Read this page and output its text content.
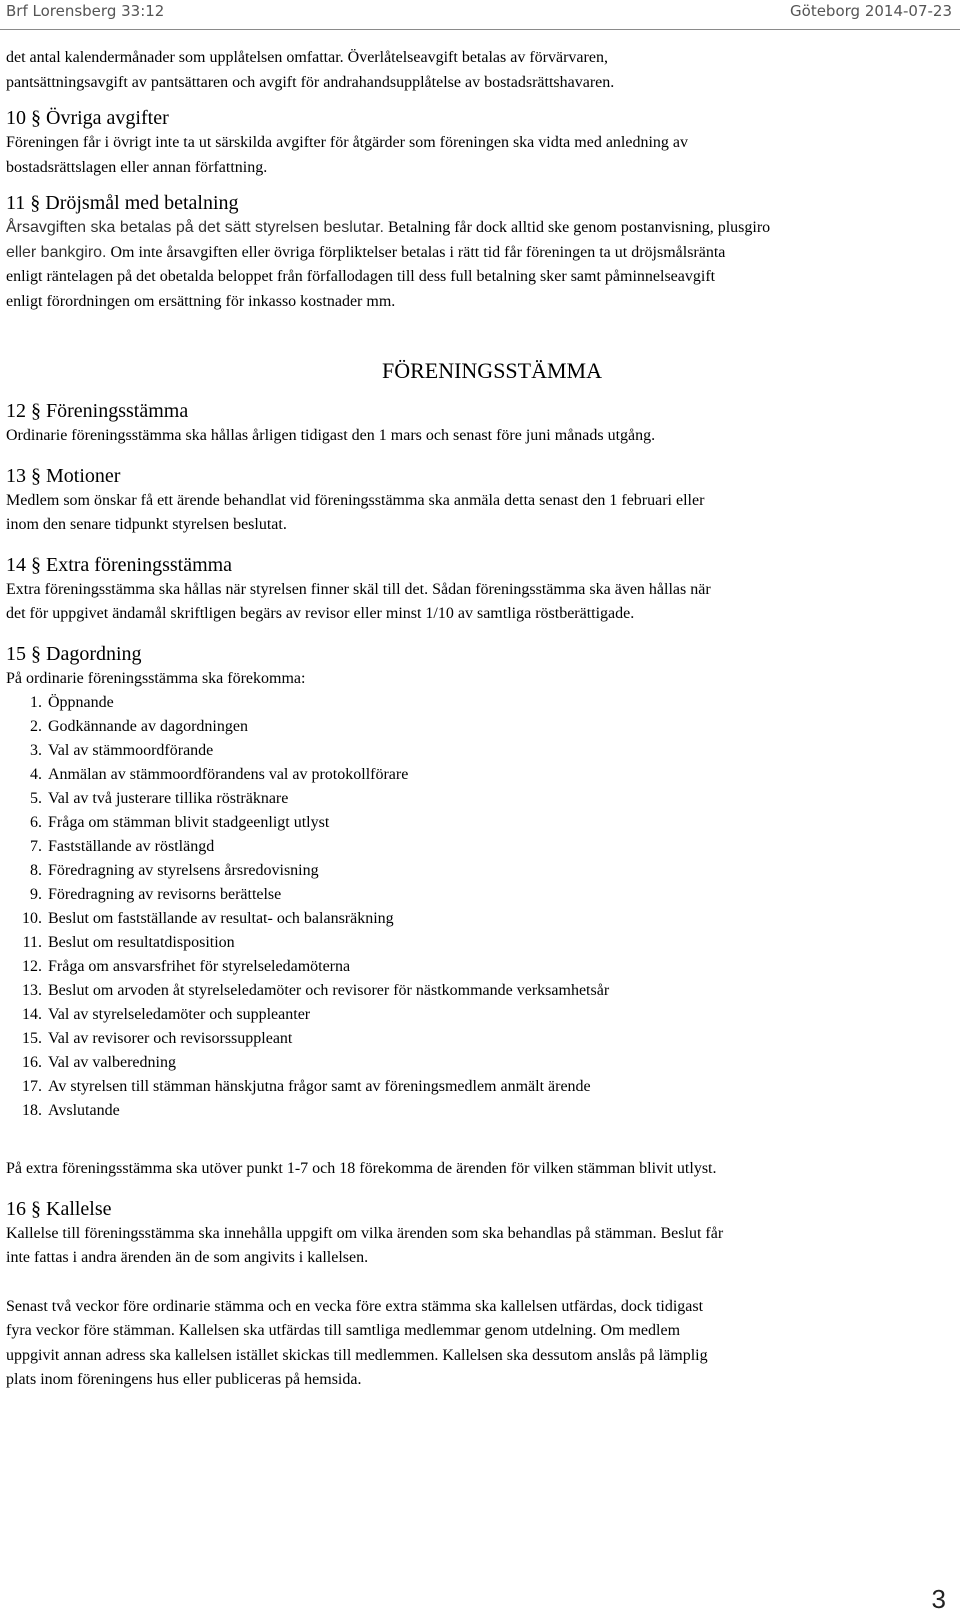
Brf Lorensberg 33:12	Göteborg 2014-07-23

det antal kalendermånader som upplåtelsen omfattar. Överlåtelseavgift betalas av förvärvaren,

pantsättningsavgift av pantsättaren och avgift för andrahandsupplåtelse av bostadsrättshavaren.

10 § Övriga avgifter

Föreningen får i övrigt inte ta ut särskilda avgifter för åtgärder som föreningen ska vidta med anledning av

bostadsrättslagen eller annan författning.

11 § Dröjsmål med betalning

Årsavgiften ska betalas på det sätt styrelsen beslutar. Betalning får dock alltid ske genom postanvisning, plusgiro

eller bankgiro. Om inte årsavgiften eller övriga förpliktelser betalas i rätt tid får föreningen ta ut dröjsmålsränta

enligt räntelagen på det obetalda beloppet från förfallodagen till dess full betalning sker samt påminnelseavgift

enligt förordningen om ersättning för inkasso kostnader mm.

FÖRENINGSSTÄMMA

12 § Föreningsstämma

Ordinarie föreningsstämma ska hållas årligen tidigast den 1 mars och senast före juni månads utgång.

13 § Motioner

Medlem som önskar få ett ärende behandlat vid föreningsstämma ska anmäla detta senast den 1 februari eller

inom den senare tidpunkt styrelsen beslutat.

14 § Extra föreningsstämma

Extra föreningsstämma ska hållas när styrelsen finner skäl till det. Sådan föreningsstämma ska även hållas när

det för uppgivet ändamål skriftligen begärs av revisor eller minst 1/10 av samtliga röstberättigade.

15 § Dagordning

På ordinarie föreningsstämma ska förekomma:

1. Öppnande
2. Godkännande av dagordningen
3. Val av stämmoordförande
4. Anmälan av stämmoordförandens val av protokollförare
5. Val av två justerare tillika rösträknare
6. Fråga om stämman blivit stadgeenligt utlyst
7. Fastställande av röstlängd
8. Föredragning av styrelsens årsredovisning
9. Föredragning av revisorns berättelse
10. Beslut om fastställande av resultat- och balansräkning
11. Beslut om resultatdisposition
12. Fråga om ansvarsfrihet för styrelseledamöterna
13. Beslut om arvoden åt styrelseledamöter och revisorer för nästkommande verksamhetsår
14. Val av styrelseledamöter och suppleanter
15. Val av revisorer och revisorssuppleant
16. Val av valberedning
17. Av styrelsen till stämman hänskjutna frågor samt av föreningsmedlem anmält ärende
18. Avslutande

På extra föreningsstämma ska utöver punkt 1-7 och 18 förekomma de ärenden för vilken stämman blivit utlyst.

16 § Kallelse

Kallelse till föreningsstämma ska innehålla uppgift om vilka ärenden som ska behandlas på stämman. Beslut får

inte fattas i andra ärenden än de som angivits i kallelsen.

Senast två veckor före ordinarie stämma och en vecka före extra stämma ska kallelsen utfärdas, dock tidigast

fyra veckor före stämman. Kallelsen ska utfärdas till samtliga medlemmar genom utdelning. Om medlem

uppgivit annan adress ska kallelsen istället skickas till medlemmen. Kallelsen ska dessutom anslås på lämplig

plats inom föreningens hus eller publiceras på hemsida.

3
